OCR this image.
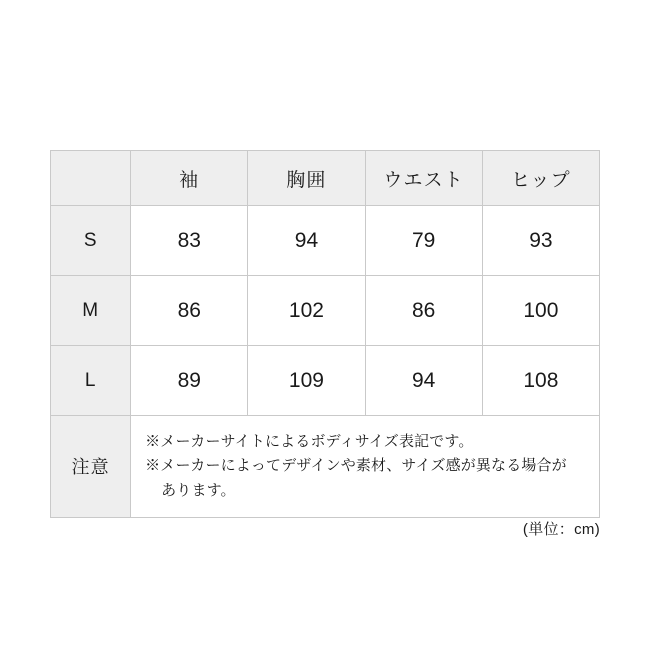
	袖	胸囲	ウエスト	ヒップ
S	83	94	79	93
M	86	102	86	100
L	89	109	94	108
注意	※メーカーサイトによるボディサイズ表記です。
※メーカーによってデザインや素材、サイズ感が異なる場合が
あります。			
(単位：cm)
